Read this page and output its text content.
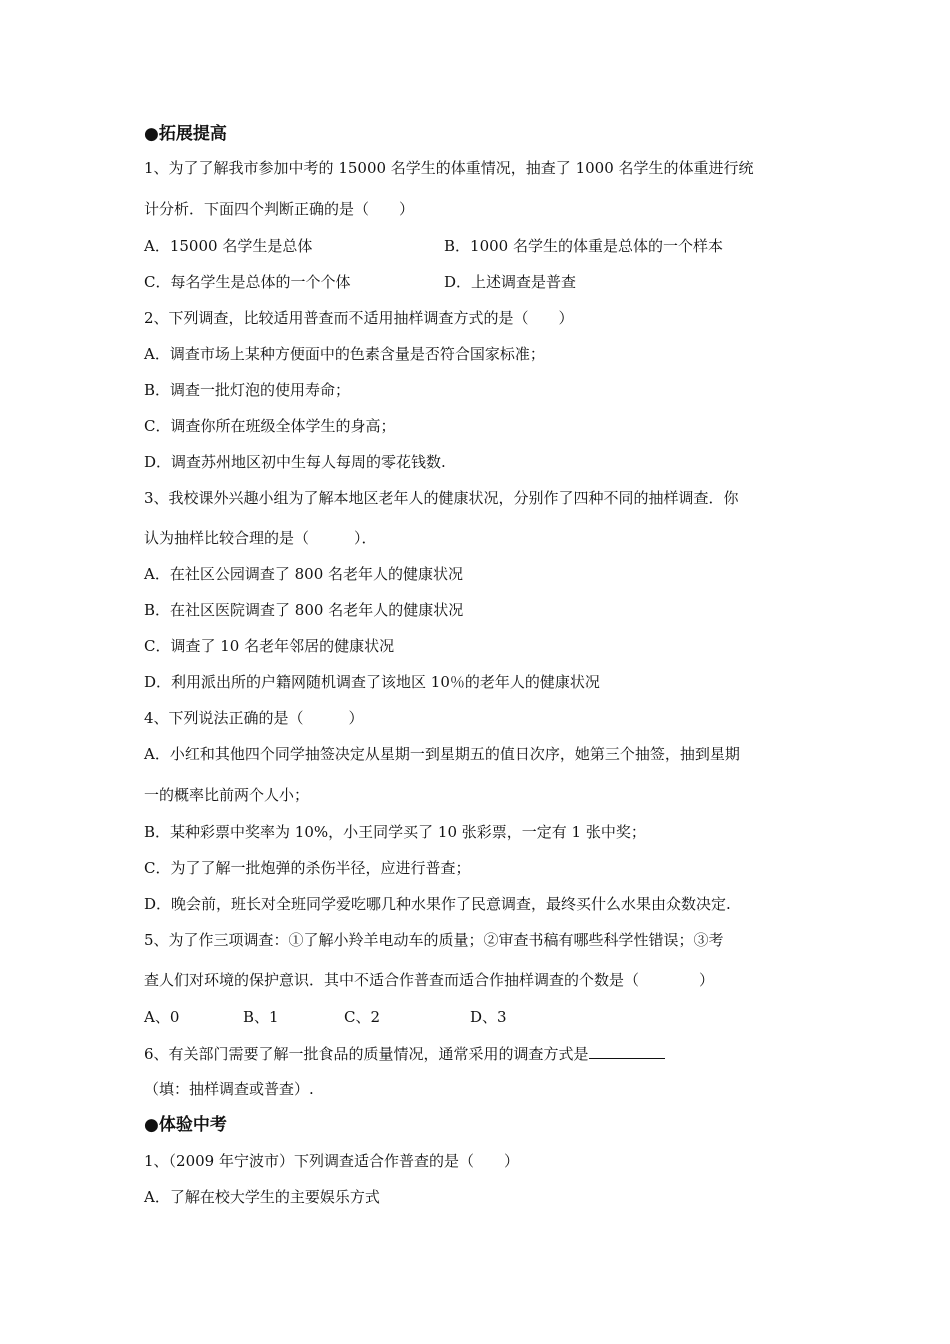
●拓展提高
1、为了了解我市参加中考的 15000 名学生的体重情况，抽查了 1000 名学生的体重进行统
计分析．下面四个判断正确的是（　　）
A．15000 名学生是总体	B．1000 名学生的体重是总体的一个样本
C．每名学生是总体的一个个体	D．上述调查是普查
2、下列调查，比较适用普查而不适用抽样调查方式的是（　　）
A．调查市场上某种方便面中的色素含量是否符合国家标准；
B．调查一批灯泡的使用寿命；
C．调查你所在班级全体学生的身高；
D．调查苏州地区初中生每人每周的零花钱数.
3、我校课外兴趣小组为了解本地区老年人的健康状况，分别作了四种不同的抽样调查．你
认为抽样比较合理的是（　　　）．
A．在社区公园调查了 800 名老年人的健康状况
B．在社区医院调查了 800 名老年人的健康状况
C．调查了 10 名老年邻居的健康状况
D．利用派出所的户籍网随机调查了该地区 10％的老年人的健康状况
4、下列说法正确的是（　　　）
A．小红和其他四个同学抽签决定从星期一到星期五的值日次序，她第三个抽签，抽到星期
一的概率比前两个人小；
B．某种彩票中奖率为 10%，小王同学买了 10 张彩票，一定有 1 张中奖；
C．为了了解一批炮弹的杀伤半径，应进行普查；
D．晚会前，班长对全班同学爱吃哪几种水果作了民意调查，最终买什么水果由众数决定.
5、为了作三项调查：①了解小羚羊电动车的质量；②审查书稿有哪些科学性错误；③考
查人们对环境的保护意识．其中不适合作普查而适合作抽样调查的个数是（　　　　）
A、0	B、1	C、2	D、3
6、有关部门需要了解一批食品的质量情况，通常采用的调查方式是
（填：抽样调查或普查）.
●体验中考
1、（2009 年宁波市）下列调查适合作普查的是（　　）
A．了解在校大学生的主要娱乐方式
